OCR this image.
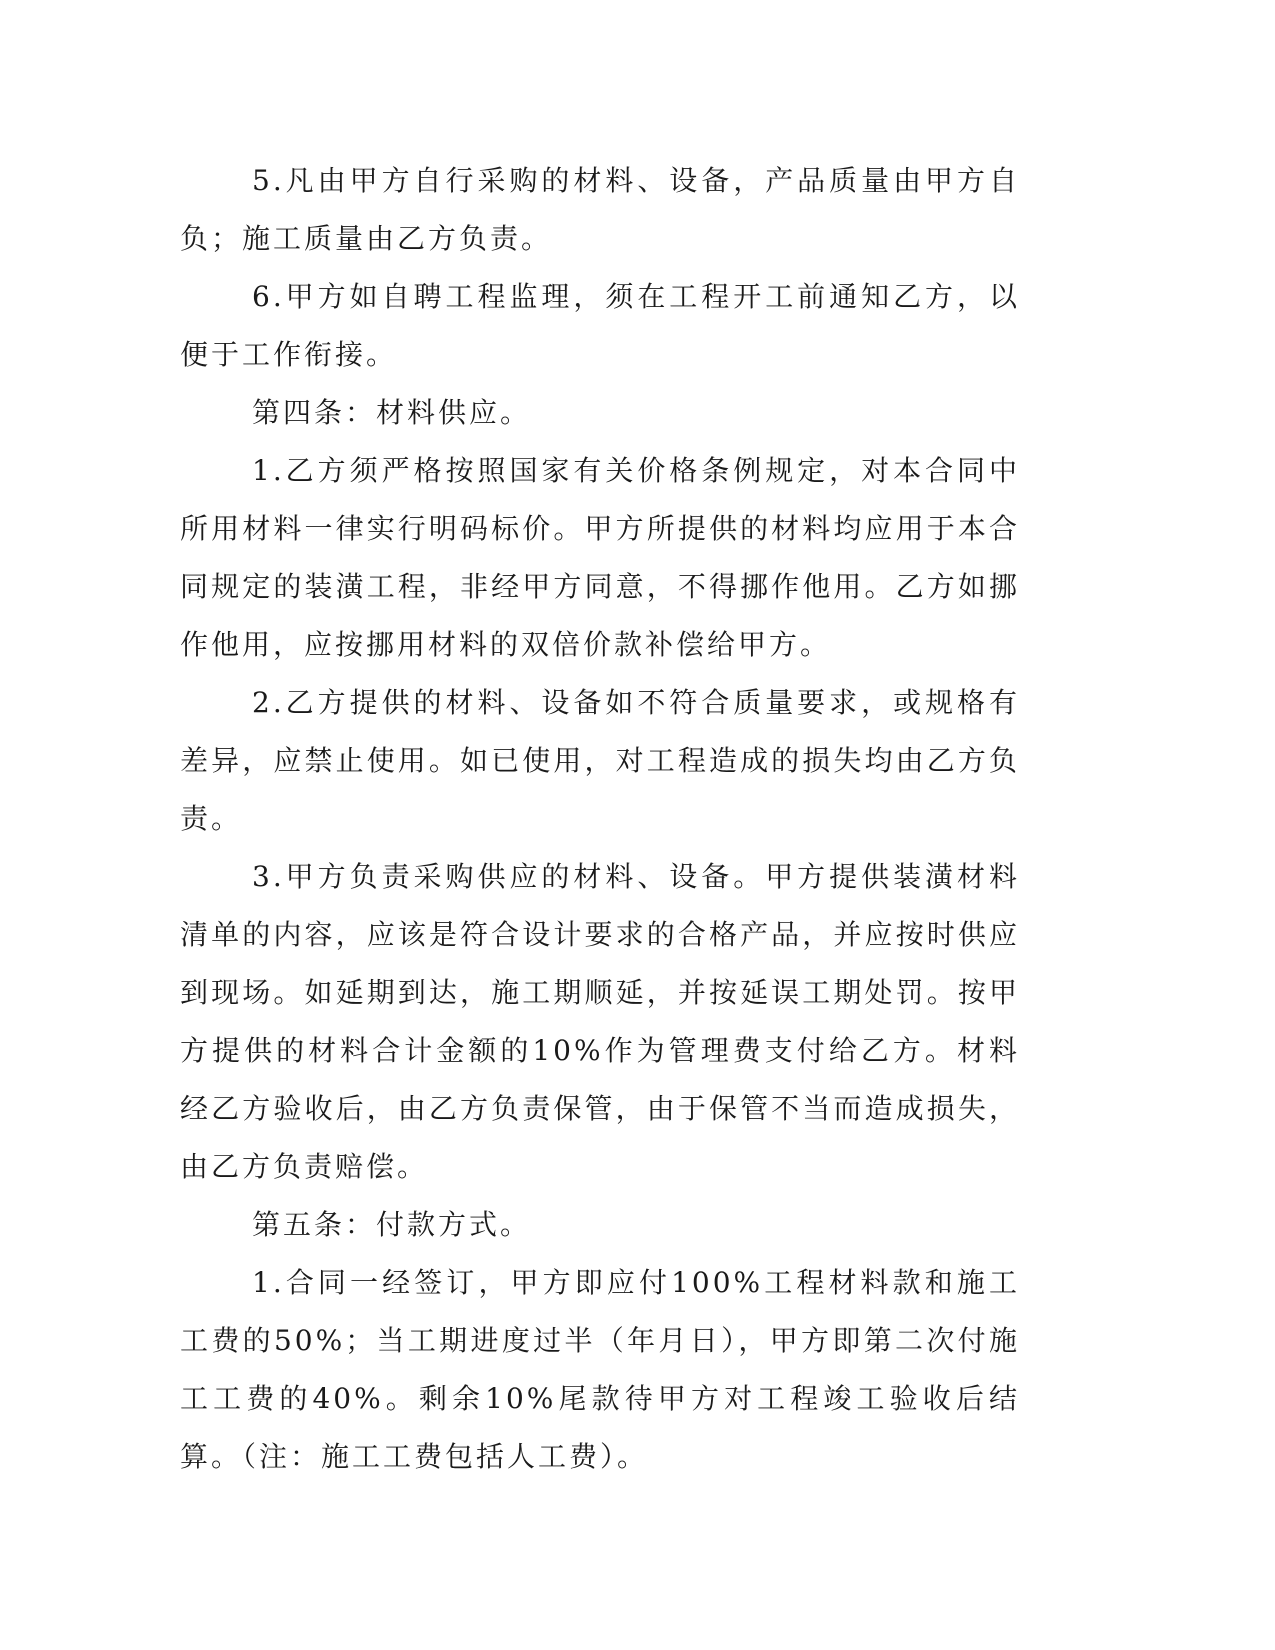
5.凡由甲方自行采购的材料、设备，产品质量由甲方自负；施工质量由乙方负责。

6.甲方如自聘工程监理，须在工程开工前通知乙方，以便于工作衔接。

第四条：材料供应。

1.乙方须严格按照国家有关价格条例规定，对本合同中所用材料一律实行明码标价。甲方所提供的材料均应用于本合同规定的装潢工程，非经甲方同意，不得挪作他用。乙方如挪作他用，应按挪用材料的双倍价款补偿给甲方。

2.乙方提供的材料、设备如不符合质量要求，或规格有差异，应禁止使用。如已使用，对工程造成的损失均由乙方负责。

3.甲方负责采购供应的材料、设备。甲方提供装潢材料清单的内容，应该是符合设计要求的合格产品，并应按时供应到现场。如延期到达，施工期顺延，并按延误工期处罚。按甲方提供的材料合计金额的10%作为管理费支付给乙方。材料经乙方验收后，由乙方负责保管，由于保管不当而造成损失，由乙方负责赔偿。

第五条：付款方式。

1.合同一经签订，甲方即应付100%工程材料款和施工工费的50%；当工期进度过半（年月日），甲方即第二次付施工工费的40%。剩余10%尾款待甲方对工程竣工验收后结算。（注：施工工费包括人工费）。
